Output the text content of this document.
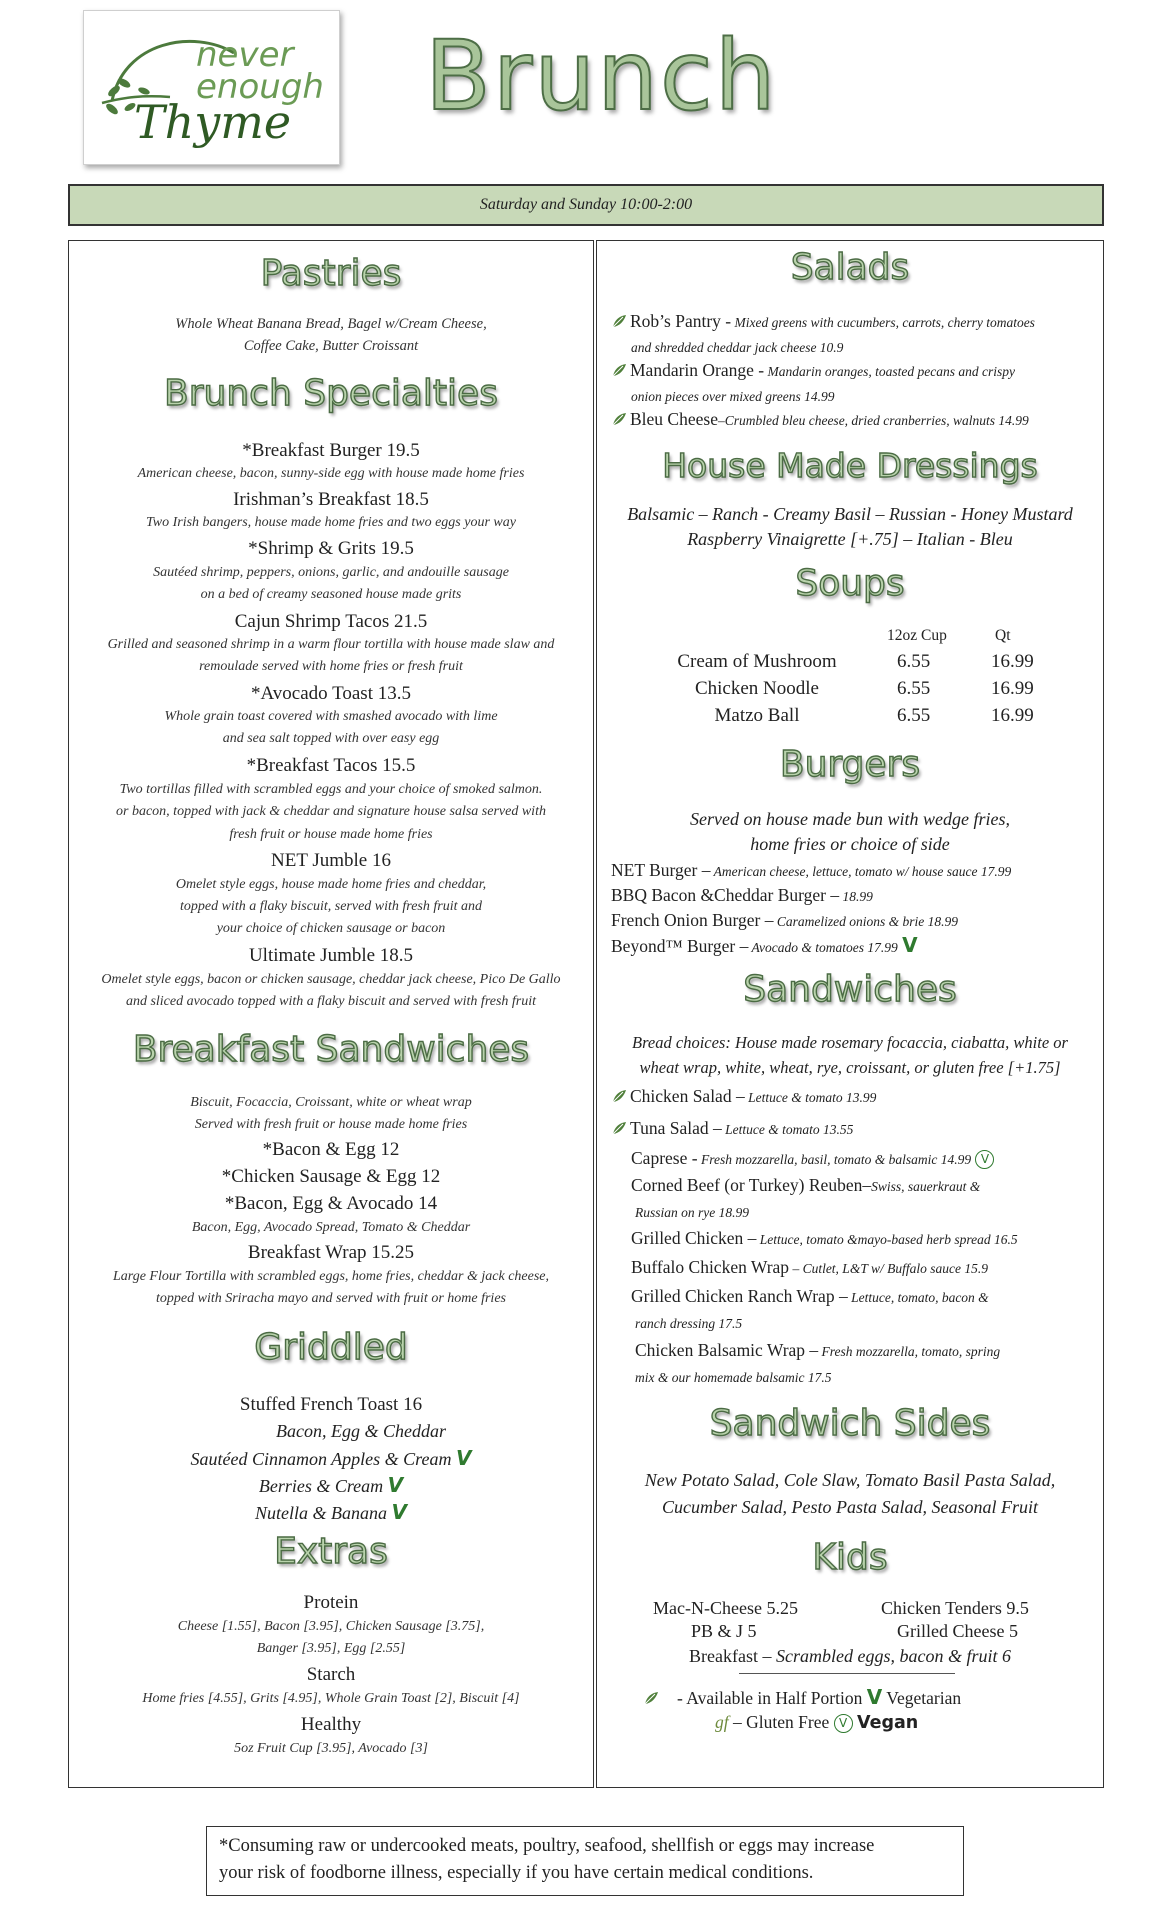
never
enough
Thyme Brunch
Saturday and Sunday 10:00-2:00
Pastries
Whole Wheat Banana Bread, Bagel w/Cream Cheese,
Coffee Cake, Butter Croissant
Brunch Specialties
*Breakfast Burger 19.5
American cheese, bacon, sunny-side egg with house made home fries
Irishman’s Breakfast 18.5
Two Irish bangers, house made home fries and two eggs your way
*Shrimp & Grits 19.5
Sautéed shrimp, peppers, onions, garlic, and andouille sausage
on a bed of creamy seasoned house made grits
Cajun Shrimp Tacos 21.5
Grilled and seasoned shrimp in a warm flour tortilla with house made slaw and
remoulade served with home fries or fresh fruit
*Avocado Toast 13.5
Whole grain toast covered with smashed avocado with lime
and sea salt topped with over easy egg
*Breakfast Tacos 15.5
Two tortillas filled with scrambled eggs and your choice of smoked salmon.
or bacon, topped with jack & cheddar and signature house salsa served with
fresh fruit or house made home fries
NET Jumble 16
Omelet style eggs, house made home fries and cheddar,
topped with a flaky biscuit, served with fresh fruit and
your choice of chicken sausage or bacon
Ultimate Jumble 18.5
Omelet style eggs, bacon or chicken sausage, cheddar jack cheese, Pico De Gallo
and sliced avocado topped with a flaky biscuit and served with fresh fruit
Breakfast Sandwiches
Biscuit, Focaccia, Croissant, white or wheat wrap
Served with fresh fruit or house made home fries
*Bacon & Egg 12
*Chicken Sausage & Egg 12
*Bacon, Egg & Avocado 14
Bacon, Egg, Avocado Spread, Tomato & Cheddar
Breakfast Wrap 15.25
Large Flour Tortilla with scrambled eggs, home fries, cheddar & jack cheese,
topped with Sriracha mayo and served with fruit or home fries
Griddled
Stuffed French Toast 16
Bacon, Egg & Cheddar
Sautéed Cinnamon Apples & Cream V
Berries & Cream V
Nutella & Banana V
Extras
Protein
Cheese [1.55], Bacon [3.95], Chicken Sausage [3.75],
Banger [3.95], Egg [2.55]
Starch
Home fries [4.55], Grits [4.95], Whole Grain Toast [2], Biscuit [4]
Healthy
5oz Fruit Cup [3.95], Avocado [3]
Salads
Rob’s Pantry - Mixed greens with cucumbers, carrots, cherry tomatoes
and shredded cheddar jack cheese 10.9
Mandarin Orange - Mandarin oranges, toasted pecans and crispy
onion pieces over mixed greens 14.99
Bleu Cheese–Crumbled bleu cheese, dried cranberries, walnuts 14.99
House Made Dressings
Balsamic – Ranch - Creamy Basil – Russian - Honey Mustard
Raspberry Vinaigrette [+.75] – Italian - Bleu
Soups
12oz Cup	Qt
Cream of Mushroom	6.55	16.99
Chicken Noodle	6.55	16.99
Matzo Ball	6.55	16.99
Burgers
Served on house made bun with wedge fries,
home fries or choice of side
NET Burger – American cheese, lettuce, tomato w/ house sauce 17.99
BBQ Bacon &Cheddar Burger – 18.99
French Onion Burger – Caramelized onions & brie 18.99
Beyond™ Burger – Avocado & tomatoes 17.99 V
Sandwiches
Bread choices: House made rosemary focaccia, ciabatta, white or
wheat wrap, white, wheat, rye, croissant, or gluten free [+1.75]
Chicken Salad – Lettuce & tomato 13.99
Tuna Salad – Lettuce & tomato 13.55
Caprese - Fresh mozzarella, basil, tomato & balsamic 14.99 V
Corned Beef (or Turkey) Reuben–Swiss, sauerkraut &
Russian on rye 18.99
Grilled Chicken – Lettuce, tomato &mayo-based herb spread 16.5
Buffalo Chicken Wrap – Cutlet, L&T w/ Buffalo sauce 15.9
Grilled Chicken Ranch Wrap – Lettuce, tomato, bacon &
ranch dressing 17.5
Chicken Balsamic Wrap – Fresh mozzarella, tomato, spring
mix & our homemade balsamic 17.5
Sandwich Sides
New Potato Salad, Cole Slaw, Tomato Basil Pasta Salad,
Cucumber Salad, Pesto Pasta Salad, Seasonal Fruit
Kids
Mac-N-Cheese 5.25	Chicken Tenders 9.5
PB & J 5	Grilled Cheese 5
Breakfast – Scrambled eggs, bacon & fruit 6
- Available in Half Portion V Vegetarian
gf – Gluten Free V Vegan
*Consuming raw or undercooked meats, poultry, seafood, shellfish or eggs may increase
your risk of foodborne illness, especially if you have certain medical conditions.
